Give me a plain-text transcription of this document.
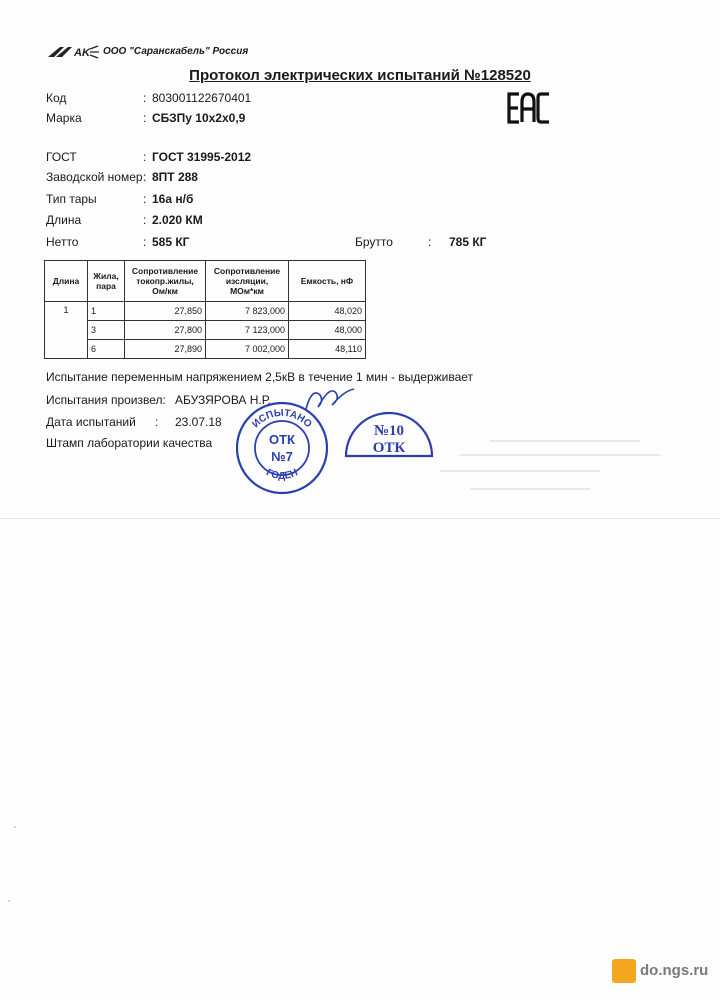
AK ООО "Саранскабель" Россия
Протокол электрических испытаний №128520
Код	: 803001122670401
Марка	: СБЗПу 10х2х0,9
ГОСТ	: ГОСТ 31995-2012
Заводской номер : 8ПТ 288
Тип тары	: 16а н/б
Длина	: 2.020 КМ
Нетто	: 585 КГ	Брутто	: 785 КГ
Длина	Жила, пара	Сопротивление токопр.жилы, Ом/км	Сопротивление изсляции, МОм*км	Емкость, нФ
1	1	27,850	7 823,000	48,020
	3	27,800	7 123,000	48,000
	6	27,890	7 002,000	48,110
Испытание переменным напряжением 2,5кВ в течение 1 мин - выдерживает
Испытания произвел: АБУЗЯРОВА Н.Р.
Дата испытаний : 23.07.18
Штамп лаборатории качества
ИСПЫТАНО
ГОДЕН
ОТК
№7
№10
ОТК
do.ngs.ru
